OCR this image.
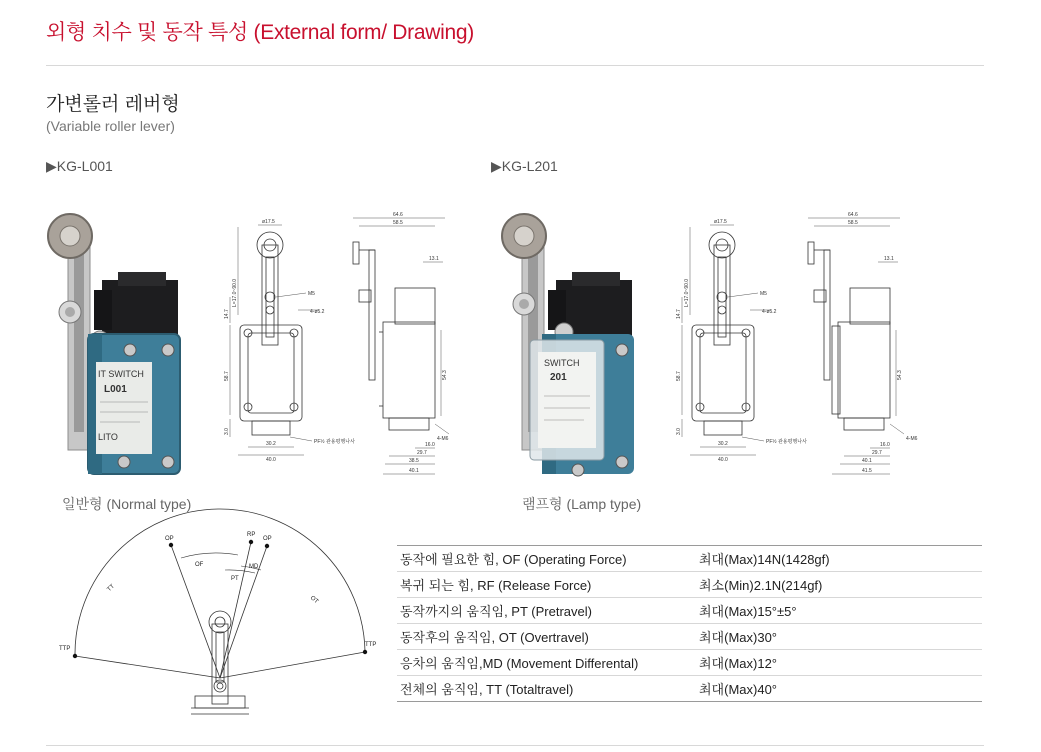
외형 치수 및 동작 특성 (External form/ Drawing)
가변롤러 레버형
(Variable roller lever)
▶KG-L001	▶KG-L201
IT SWITCH
L001
LITO
ø17.5
M5
4-ø5.2
30.2
40.0
PF½ 관용평행나사
L=17.0~90.0
14.7
58.7
3.0
64.6
58.5
13.1
54.3
16.0
29.7
38.5
40.1
4-M6
일반형 (Normal type)
SWITCH
201
ø17.5
M5
4-ø5.2
30.2
40.0
PF½ 관용평행나사
L=17.0~90.0
14.7
58.7
3.0
64.6
58.5
13.1
54.3
16.0
29.7
40.1
41.5
4-M6
램프형 (Lamp type)
OP
OF
RP
OP
PT
MD
TT
OT
TTP
TTP
동작에 필요한 힘, OF (Operating Force)	최대(Max)14N(1428gf)
복귀 되는 힘, RF (Release Force)	최소(Min)2.1N(214gf)
동작까지의 움직임, PT (Pretravel)	최대(Max)15°±5°
동작후의 움직임, OT (Overtravel)	최대(Max)30°
응차의 움직임,MD (Movement Differental)	최대(Max)12°
전체의 움직임, TT (Totaltravel)	최대(Max)40°
